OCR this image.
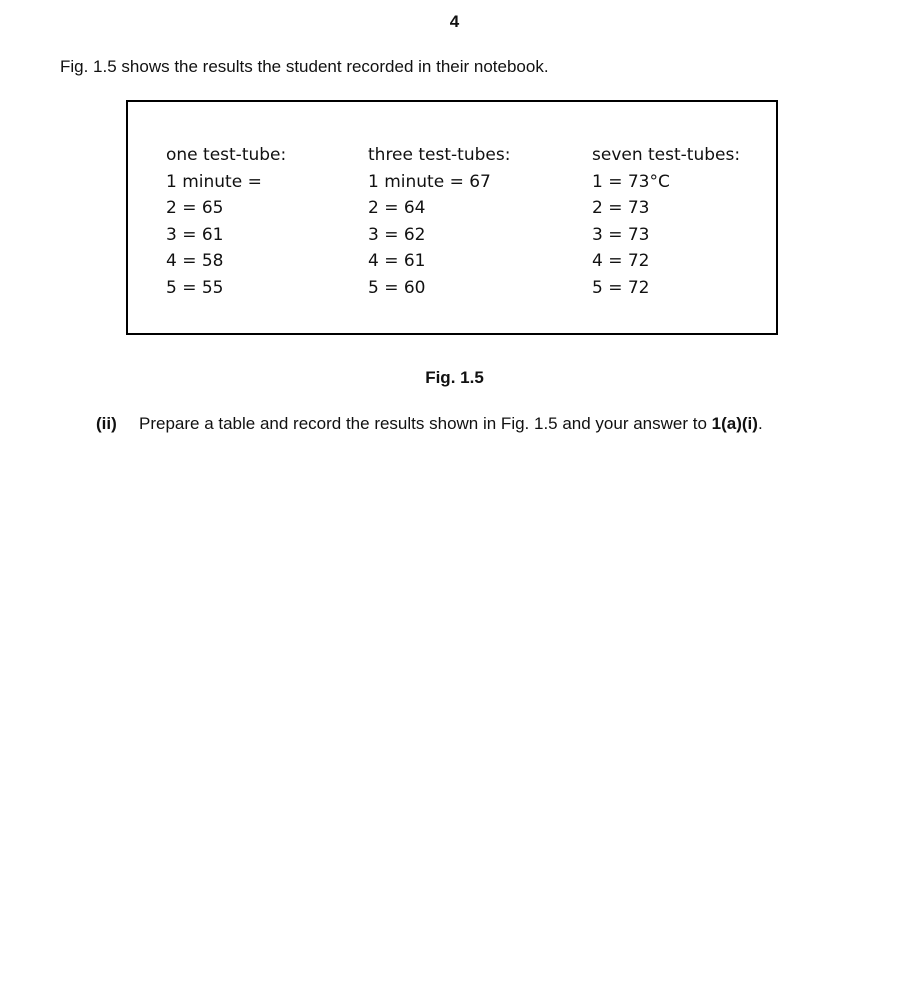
4
Fig. 1.5 shows the results the student recorded in their notebook.
one test-tube:
1 minute =
2 = 65
3 = 61
4 = 58
5 = 55
three test-tubes:
1 minute = 67
2 = 64
3 = 62
4 = 61
5 = 60
seven test-tubes:
1 = 73°C
2 = 73
3 = 73
4 = 72
5 = 72
Fig. 1.5
(ii) Prepare a table and record the results shown in Fig. 1.5 and your answer to 1(a)(i).
